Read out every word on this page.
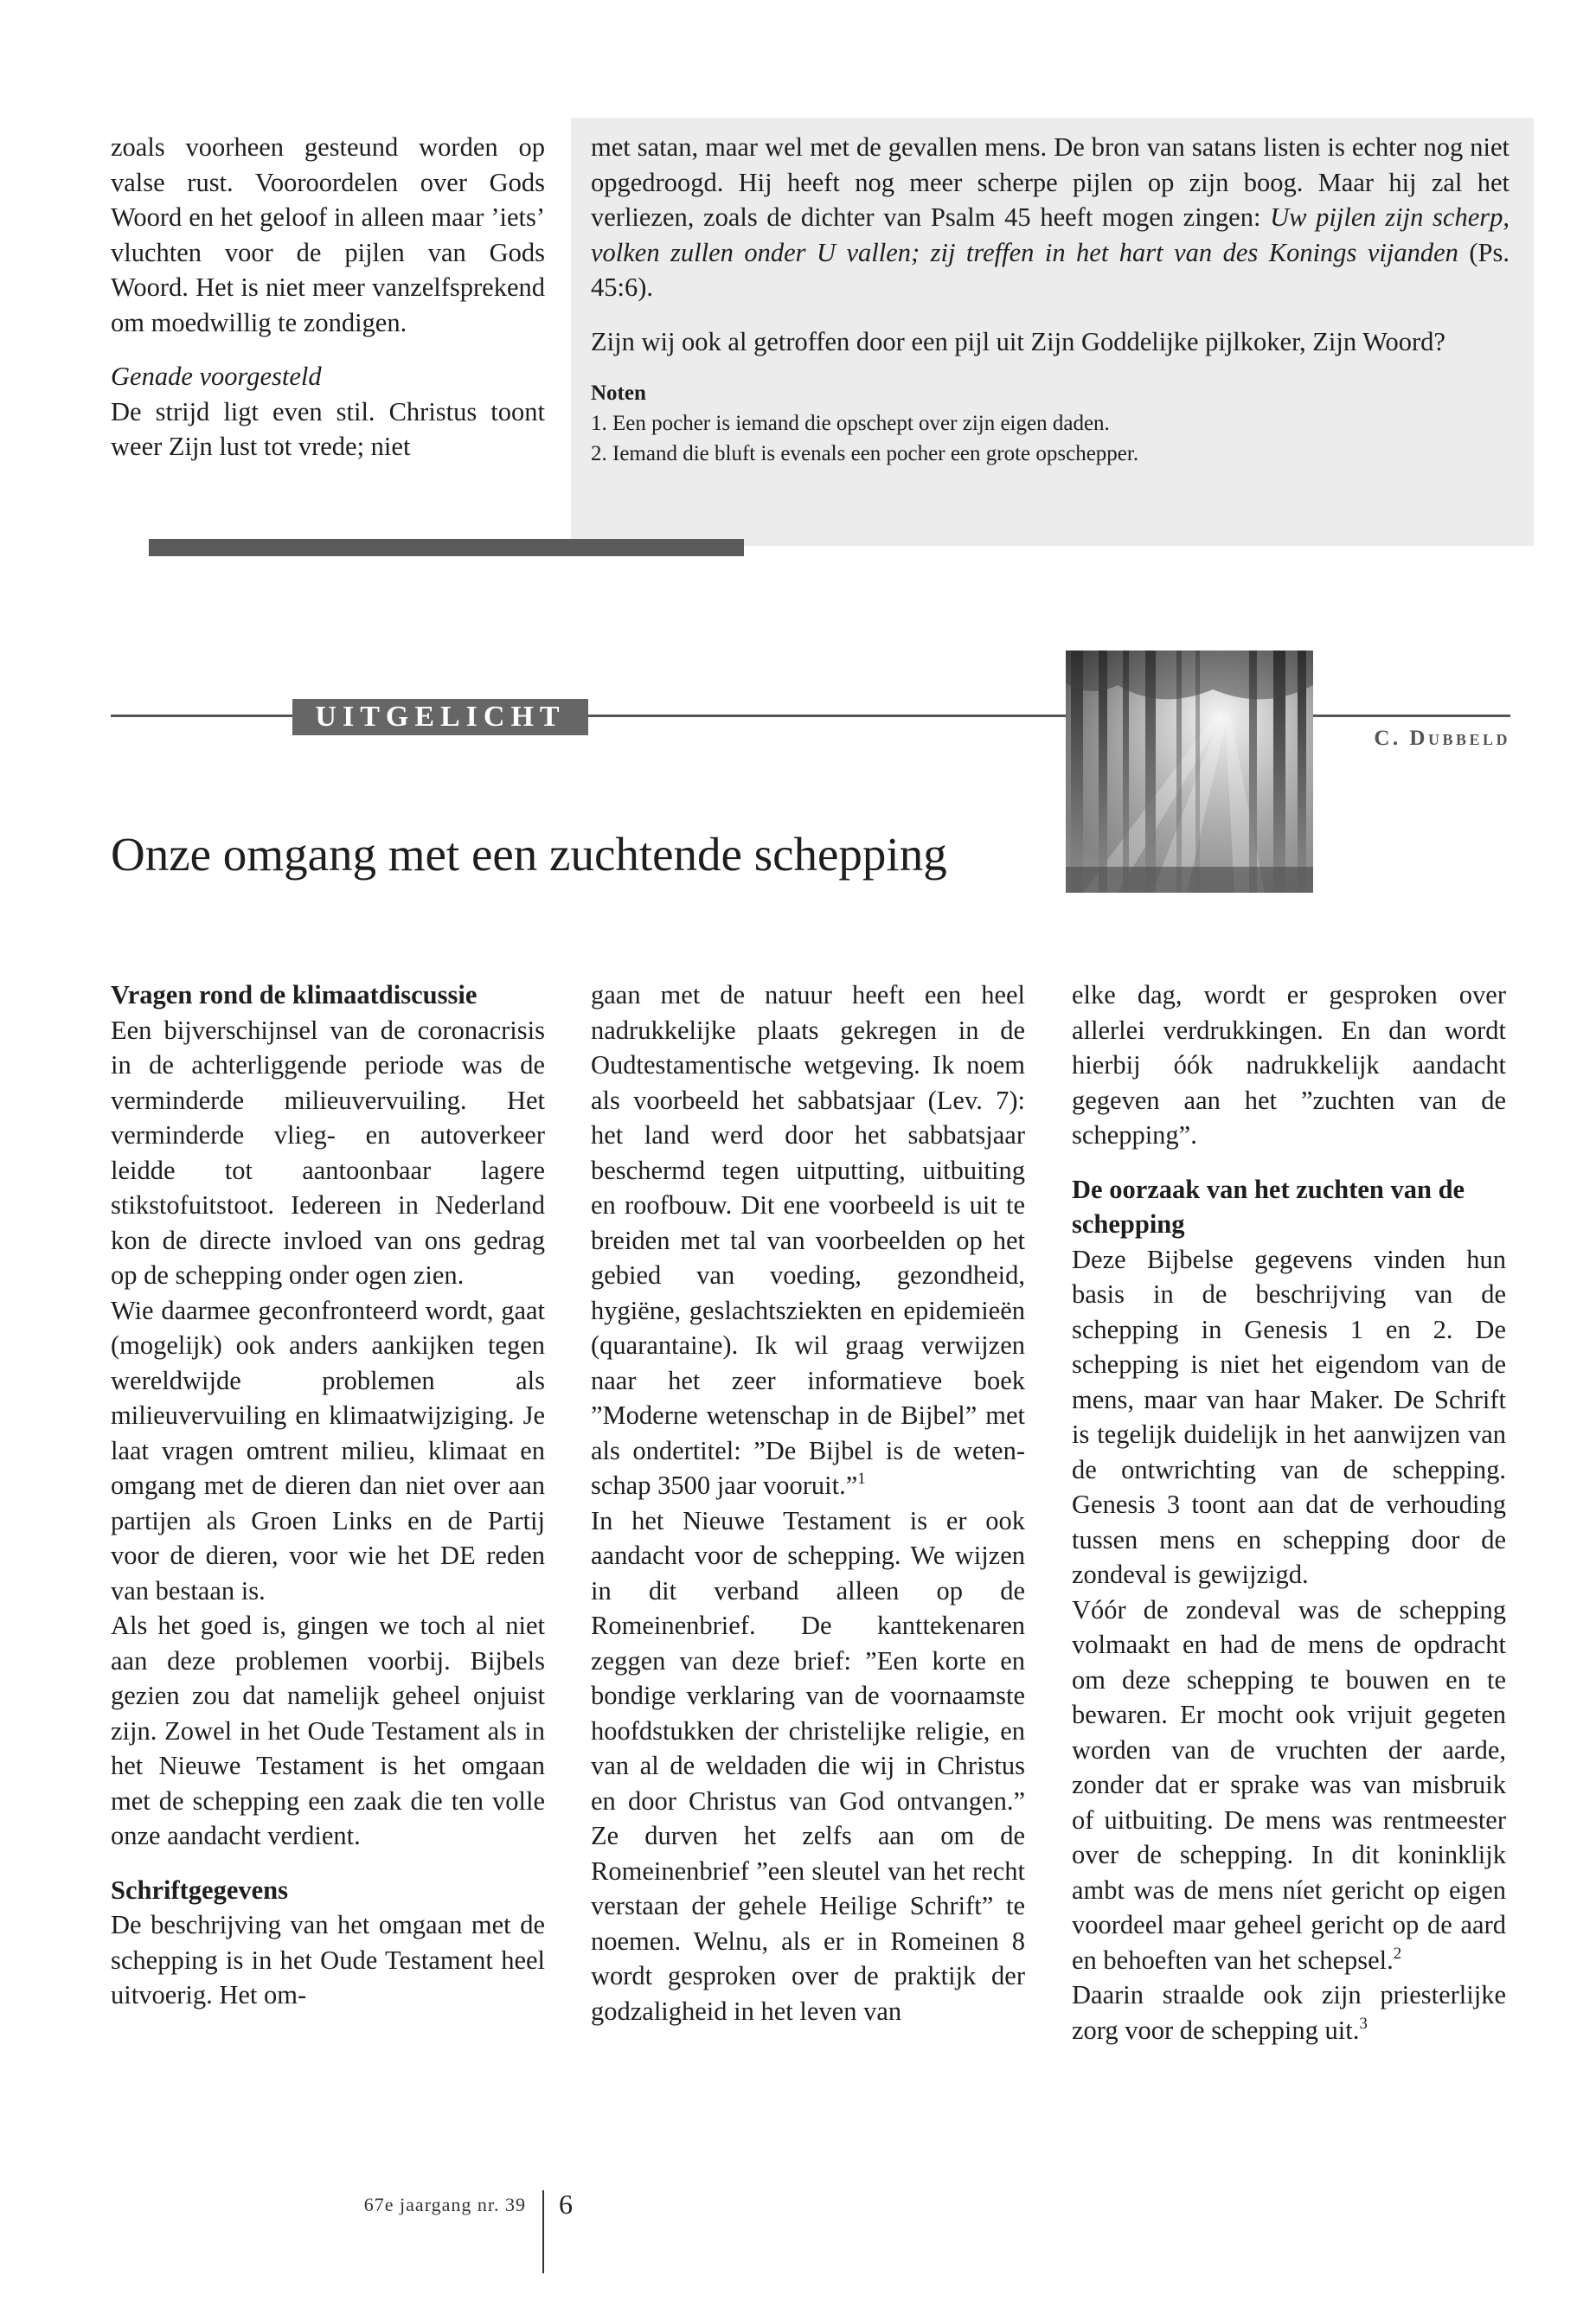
zoals voorheen gesteund worden op valse rust. Vooroordelen over Gods Woord en het geloof in alleen maar ’iets’ vluchten voor de pijlen van Gods Woord. Het is niet meer vanzelfsprekend om moedwillig te zondigen.

Genade voorgesteld

De strijd ligt even stil. Christus toont weer Zijn lust tot vrede; niet

met satan, maar wel met de gevallen mens. De bron van satans listen is echter nog niet opgedroogd. Hij heeft nog meer scherpe pijlen op zijn boog. Maar hij zal het verliezen, zoals de dichter van Psalm 45 heeft mogen zingen: Uw pijlen zijn scherp, volken zullen onder U vallen; zij treffen in het hart van des Konings vijanden (Ps. 45:6).

Zijn wij ook al getroffen door een pijl uit Zijn Goddelijke pijlkoker, Zijn Woord?

Noten
1. Een pocher is iemand die opschept over zijn eigen daden.
2. Iemand die bluft is evenals een pocher een grote opschepper.
UITGELICHT
C. Dubbeld
Onze omgang met een zuchtende schepping
Vragen rond de klimaatdiscussie

Een bijverschijnsel van de coronacrisis in de achterliggende periode was de verminderde milieuvervuiling. Het verminderde vlieg- en autoverkeer leidde tot aantoonbaar lagere stikstofuitstoot. Iedereen in Nederland kon de directe invloed van ons gedrag op de schepping onder ogen zien.

Wie daarmee geconfronteerd wordt, gaat (mogelijk) ook anders aankijken tegen wereldwijde problemen als milieuvervuiling en klimaatwijziging. Je laat vragen omtrent milieu, klimaat en omgang met de dieren dan niet over aan partijen als Groen Links en de Partij voor de dieren, voor wie het DE reden van bestaan is.

Als het goed is, gingen we toch al niet aan deze problemen voorbij. Bijbels gezien zou dat namelijk geheel onjuist zijn. Zowel in het Oude Testament als in het Nieuwe Testament is het omgaan met de schepping een zaak die ten volle onze aandacht verdient.

Schriftgegevens

De beschrijving van het omgaan met de schepping is in het Oude Testament heel uitvoerig. Het om-

gaan met de natuur heeft een heel nadrukkelijke plaats gekregen in de Oudtestamentische wetgeving. Ik noem als voorbeeld het sabbatsjaar (Lev. 7): het land werd door het sabbatsjaar beschermd tegen uitputting, uitbuiting en roofbouw. Dit ene voorbeeld is uit te breiden met tal van voorbeelden op het gebied van voeding, gezondheid, hygiëne, geslachtsziekten en epidemieën (quarantaine). Ik wil graag verwijzen naar het zeer informatieve boek ”Moderne wetenschap in de Bijbel” met als ondertitel: ”De Bijbel is de wetenschap 3500 jaar vooruit.”$^1$

In het Nieuwe Testament is er ook aandacht voor de schepping. We wijzen in dit verband alleen op de Romeinenbrief. De kanttekenaren zeggen van deze brief: ”Een korte en bondige verklaring van de voornaamste hoofdstukken der christelijke religie, en van al de weldaden die wij in Christus en door Christus van God ontvangen.” Ze durven het zelfs aan om de Romeinenbrief ”een sleutel van het recht verstaan der gehele Heilige Schrift” te noemen. Welnu, als er in Romeinen 8 wordt gesproken over de praktijk der godzaligheid in het leven van

elke dag, wordt er gesproken over allerlei verdrukkingen. En dan wordt hierbij óók nadrukkelijk aandacht gegeven aan het ”zuchten van de schepping”.

De oorzaak van het zuchten van de schepping

Deze Bijbelse gegevens vinden hun basis in de beschrijving van de schepping in Genesis 1 en 2. De schepping is niet het eigendom van de mens, maar van haar Maker. De Schrift is tegelijk duidelijk in het aanwijzen van de ontwrichting van de schepping. Genesis 3 toont aan dat de verhouding tussen mens en schepping door de zondeval is gewijzigd.

Vóór de zondeval was de schepping volmaakt en had de mens de opdracht om deze schepping te bouwen en te bewaren. Er mocht ook vrijuit gegeten worden van de vruchten der aarde, zonder dat er sprake was van misbruik of uitbuiting. De mens was rentmeester over de schepping. In dit koninklijk ambt was de mens níet gericht op eigen voordeel maar geheel gericht op de aard en behoeften van het schepsel.$^2$

Daarin straalde ook zijn priesterlijke zorg voor de schepping uit.$^3$

67e jaargang nr. 39 6
